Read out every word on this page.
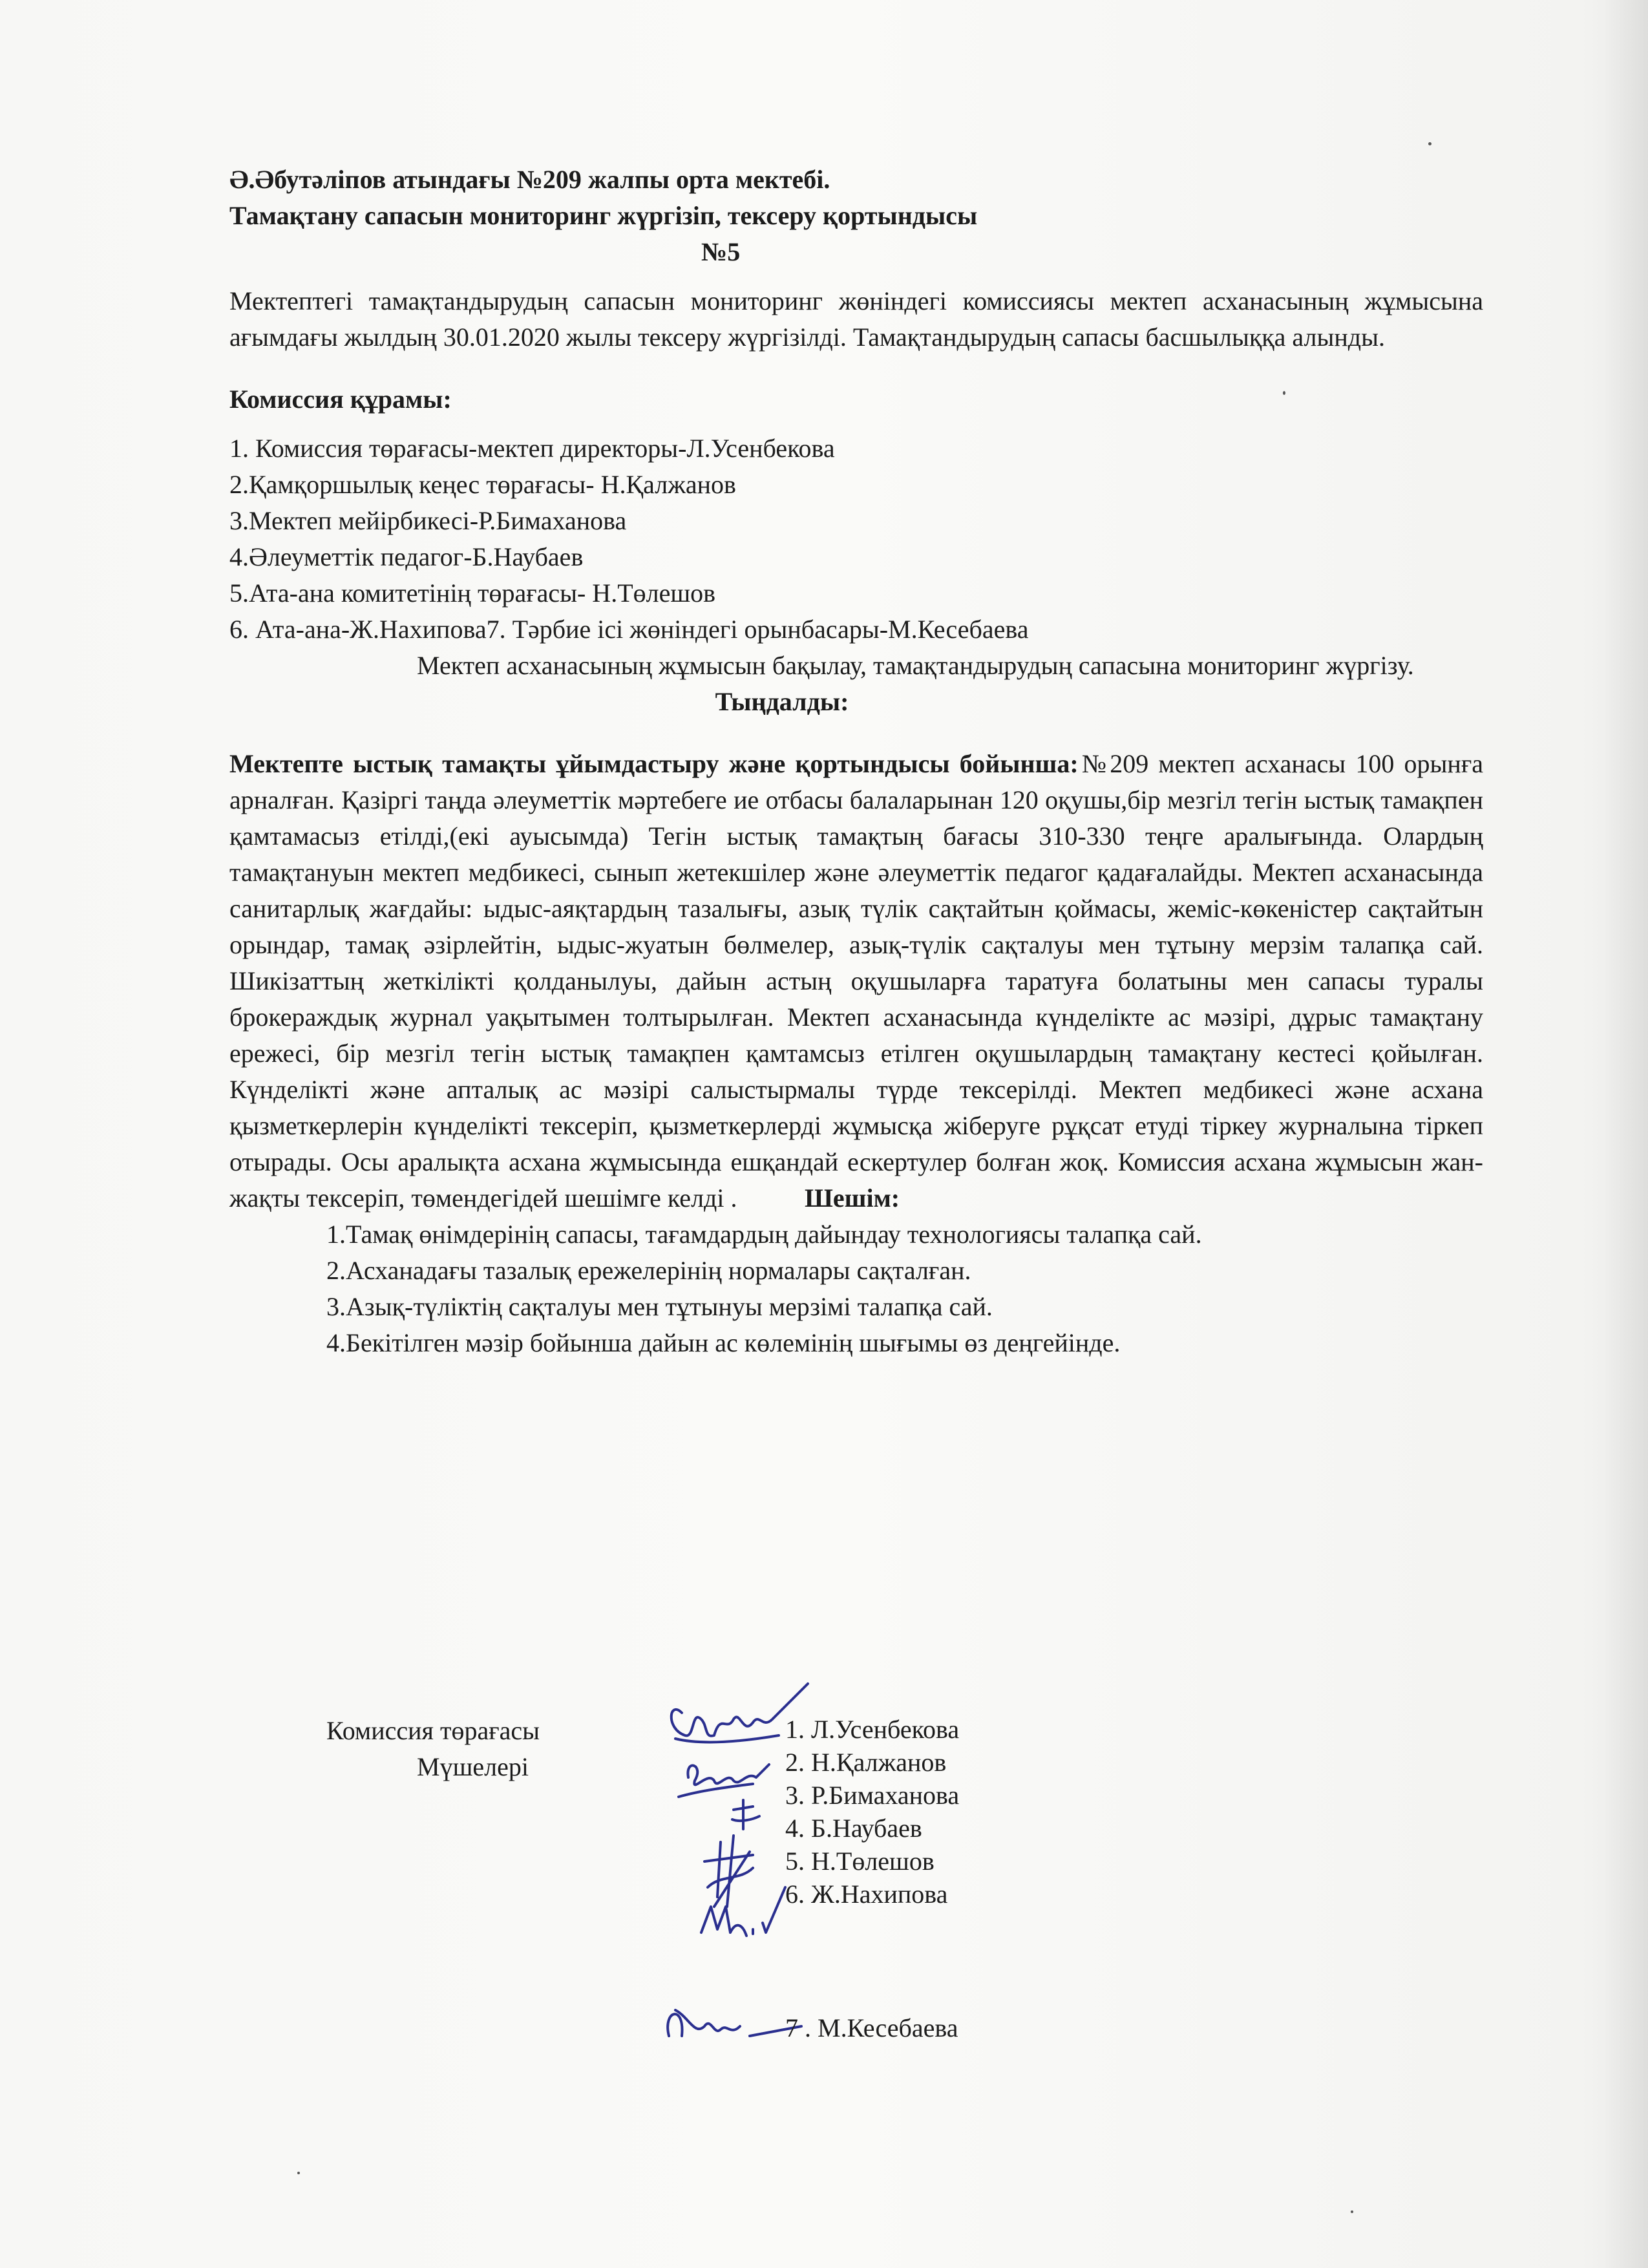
Ә.Әбутәліпов атындағы №209 жалпы орта мектебі.

Тамақтану сапасын мониторинг жүргізіп, тексеру қортындысы

№5

Мектептегі тамақтандырудың сапасын мониторинг жөніндегі комиссиясы мектеп асханасының жұмысына ағымдағы жылдың 30.01.2020 жылы тексеру жүргізілді. Тамақтандырудың сапасы басшылыққа алынды.

Комиссия құрамы:

1. Комиссия төрағасы-мектеп директоры-Л.Усенбекова

2.Қамқоршылық кеңес төрағасы- Н.Қалжанов

3.Мектеп мейірбикесі-Р.Бимаханова

4.Әлеуметтік педагог-Б.Наубаев

5.Ата-ана комитетінің төрағасы- Н.Төлешов

6. Ата-ана-Ж.Нахипова7. Тәрбие ісі жөніндегі орынбасары-М.Кесебаева

Мектеп асханасының жұмысын бақылау, тамақтандырудың сапасына мониторинг жүргізу.

Тыңдалды:

Мектепте ыстық тамақты ұйымдастыру және қортындысы бойынша:№209 мектеп асханасы 100 орынға арналған. Қазіргі таңда әлеуметтік мәртебеге ие отбасы балаларынан 120 оқушы,бір мезгіл тегін ыстық тамақпен қамтамасыз етілді,(екі ауысымда) Тегін ыстық тамақтың бағасы 310-330 теңге аралығында. Олардың тамақтануын мектеп медбикесі, сынып жетекшілер және әлеуметтік педагог қадағалайды. Мектеп асханасында санитарлық жағдайы: ыдыс-аяқтардың тазалығы, азық түлік сақтайтын қоймасы, жеміс-көкеністер сақтайтын орындар, тамақ әзірлейтін, ыдыс-жуатын бөлмелер, азық-түлік сақталуы мен тұтыну мерзім талапқа сай. Шикізаттың жеткілікті қолданылуы, дайын астың оқушыларға таратуға болатыны мен сапасы туралы брокераждық журнал уақытымен толтырылған. Мектеп асханасында күнделікте ас мәзірі, дұрыс тамақтану ережесі, бір мезгіл тегін ыстық тамақпен қамтамсыз етілген оқушылардың тамақтану кестесі қойылған. Күнделікті және апталық ас мәзірі салыстырмалы түрде тексерілді. Мектеп медбикесі және асхана қызметкерлерін күнделікті тексеріп, қызметкерлерді жұмысқа жіберуге рұқсат етуді тіркеу журналына тіркеп отырады. Осы аралықта асхана жұмысында ешқандай ескертулер болған жоқ. Комиссия асхана жұмысын жан-жақты тексеріп, төмендегідей шешімге келді .	Шешім:

1.Тамақ өнімдерінің сапасы, тағамдардың дайындау технологиясы талапқа сай.

2.Асханадағы тазалық ережелерінің нормалары сақталған.

3.Азық-түліктің сақталуы мен тұтынуы мерзімі талапқа сай.

4.Бекітілген мәзір бойынша дайын ас көлемінің шығымы өз деңгейінде.

Комиссия төрағасы

Мүшелері

1. Л.Усенбекова

2. Н.Қалжанов

3. Р.Бимаханова

4. Б.Наубаев

5. Н.Төлешов

6. Ж.Нахипова

7 . М.Кесебаева
